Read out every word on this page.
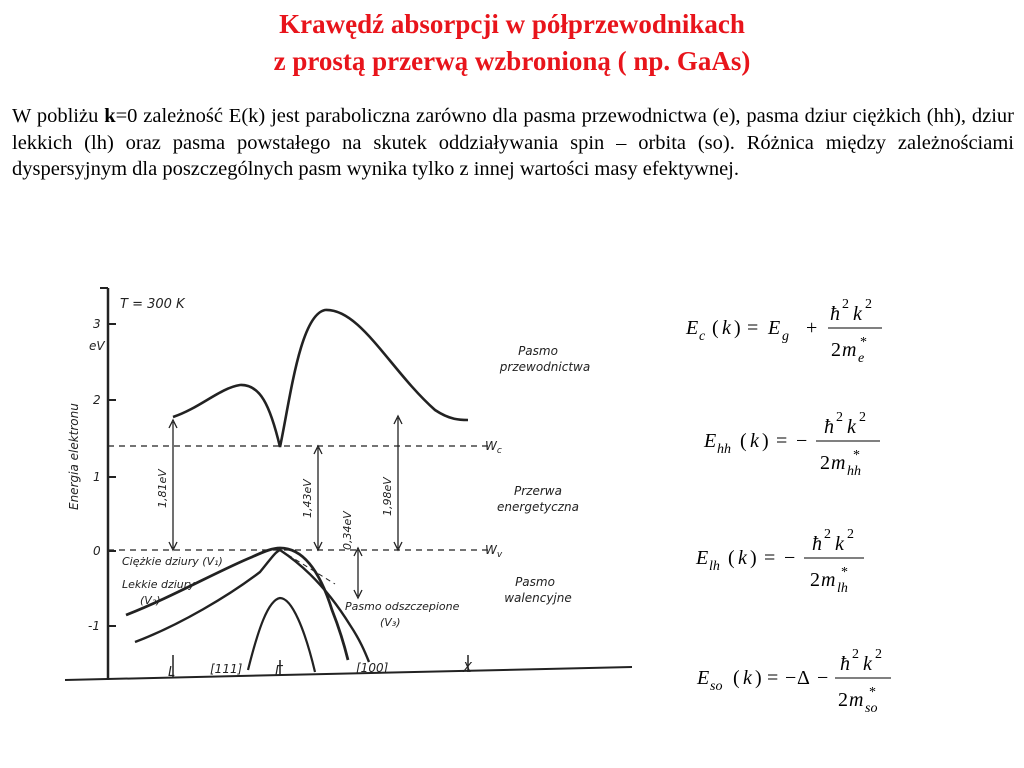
Krawędź absorpcji w półprzewodnikach
z prostą przerwą wzbronioną ( np. GaAs)
W pobliżu k=0 zależność E(k) jest paraboliczna zarówno dla pasma przewodnictwa (e), pasma dziur ciężkich (hh), dziur lekkich (lh) oraz pasma powstałego na skutek oddziaływania spin – orbita (so). Różnica między zależnościami dyspersyjnym dla poszczególnych pasm wynika tylko z innej wartości masy efektywnej.
T = 300 K
3
eV
2
1
0
-1
Energia elektronu
L	[111]	Γ	[100]	X
$W_c$
$W_v$
Pasmo
przewodnictwa
Przerwa
energetyczna
Pasmo
walencyjne
1,81eV	1,43eV
0,34eV
1,98eV
Ciężkie dziury (V₁)
Lekkie dziury
(V₂)	Pasmo odszczepione
(V₃)
E c ( k ) = E g +
ħ 2 k 2
2 m e
*
E hh ( k ) = −
ħ 2 k 2
2 m hh
*
E lh ( k ) = −
ħ 2 k 2
2 m lh
*
E so ( k ) = − Δ −
ħ 2 k 2
2 m so
*
